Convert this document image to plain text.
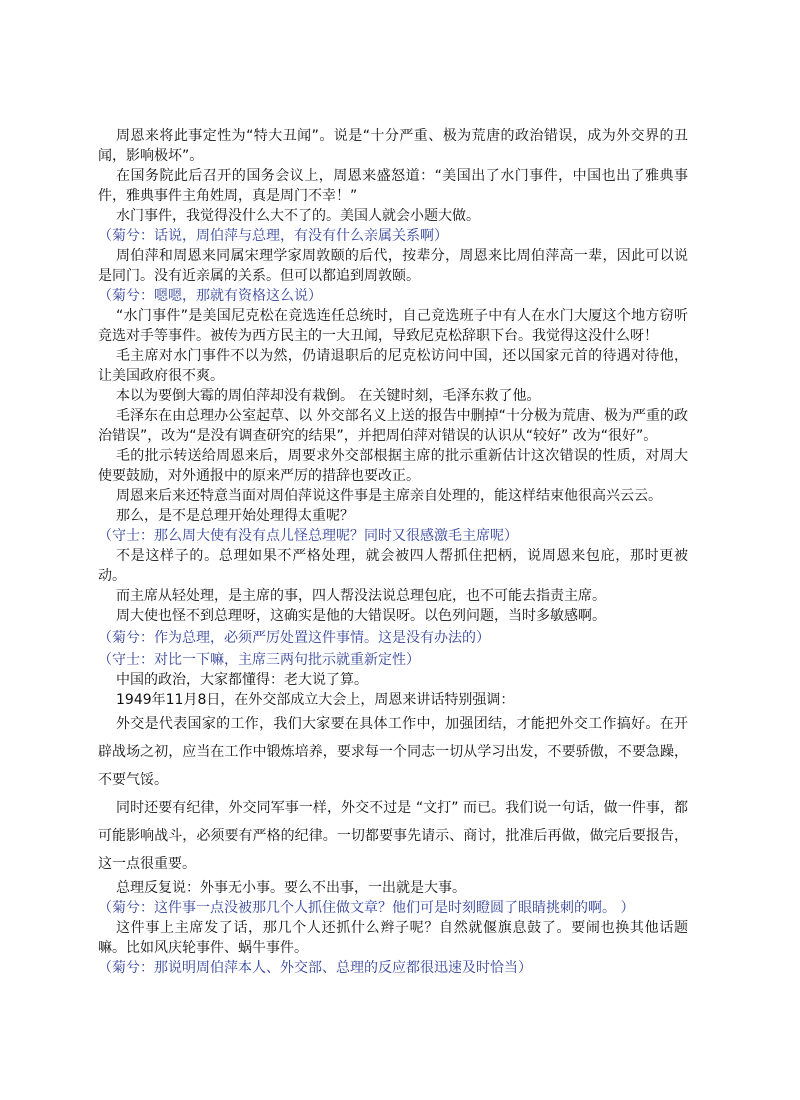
周恩来将此事定性为“特大丑闻”。说是“十分严重、极为荒唐的政治错误，成为外交界的丑闻，影响极坏”。

在国务院此后召开的国务会议上，周恩来盛怒道：“美国出了水门事件，中国也出了雅典事件，雅典事件主角姓周，真是周门不幸！”

水门事件，我觉得没什么大不了的。美国人就会小题大做。

（菊兮：话说，周伯萍与总理，有没有什么亲属关系啊）

周伯萍和周恩来同属宋理学家周敦颐的后代，按辈分，周恩来比周伯萍高一辈，因此可以说是同门。没有近亲属的关系。但可以都追到周敦颐。

（菊兮：嗯嗯，那就有资格这么说）

“水门事件”是美国尼克松在竞选连任总统时，自己竞选班子中有人在水门大厦这个地方窃听竞选对手等事件。被传为西方民主的一大丑闻，导致尼克松辞职下台。我觉得这没什么呀！

毛主席对水门事件不以为然，仍请退职后的尼克松访问中国，还以国家元首的待遇对待他，让美国政府很不爽。

本以为要倒大霉的周伯萍却没有栽倒。 在关键时刻，毛泽东救了他。

毛泽东在由总理办公室起草、以 外交部名义上送的报告中删掉“十分极为荒唐、极为严重的政治错误”，改为“是没有调查研究的结果”，并把周伯萍对错误的认识从“较好” 改为“很好”。

毛的批示转送给周恩来后，周要求外交部根据主席的批示重新估计这次错误的性质，对周大使要鼓励，对外通报中的原来严厉的措辞也要改正。

周恩来后来还特意当面对周伯萍说这件事是主席亲自处理的，能这样结束他很高兴云云。

那么，是不是总理开始处理得太重呢？

（守士：那么周大使有没有点儿怪总理呢？同时又很感激毛主席呢）

不是这样子的。总理如果不严格处理，就会被四人帮抓住把柄，说周恩来包庇，那时更被动。

而主席从轻处理，是主席的事，四人帮没法说总理包庇，也不可能去指责主席。

周大使也怪不到总理呀，这确实是他的大错误呀。以色列问题，当时多敏感啊。

（菊兮：作为总理，必须严厉处置这件事情。这是没有办法的）

（守士：对比一下嘛，主席三两句批示就重新定性）

中国的政治，大家都懂得：老大说了算。

1949年11月8日，在外交部成立大会上，周恩来讲话特别强调：

外交是代表国家的工作，我们大家要在具体工作中，加强团结，才能把外交工作搞好。在开辟战场之初，应当在工作中锻炼培养，要求每一个同志一切从学习出发，不要骄傲，不要急躁，不要气馁。

同时还要有纪律，外交同军事一样，外交不过是 “文打” 而已。我们说一句话，做一件事，都可能影响战斗，必须要有严格的纪律。一切都要事先请示、商讨，批准后再做，做完后要报告，这一点很重要。

总理反复说：外事无小事。要么不出事，一出就是大事。

（菊兮：这件事一点没被那几个人抓住做文章？他们可是时刻瞪圆了眼睛挑刺的啊。 ）

这件事上主席发了话，那几个人还抓什么辫子呢？自然就偃旗息鼓了。要闹也换其他话题嘛。比如风庆轮事件、蜗牛事件。

（菊兮：那说明周伯萍本人、外交部、总理的反应都很迅速及时恰当）
